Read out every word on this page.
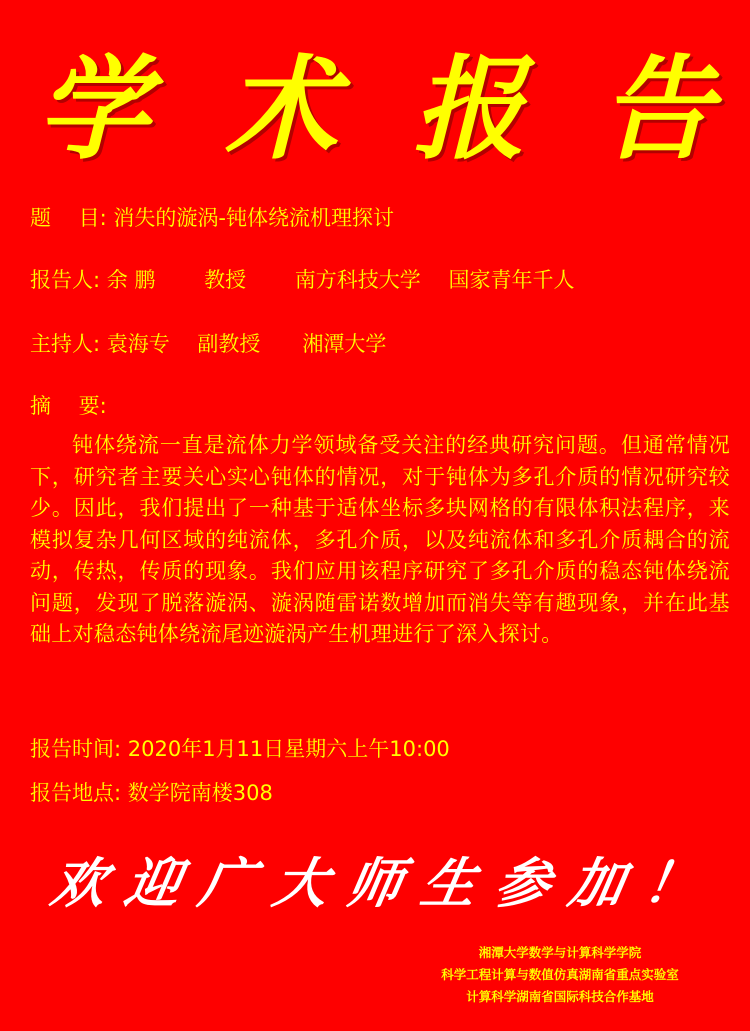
学 术 报 告
题　 目: 消失的漩涡-钝体绕流机理探讨
报告人: 余 鹏　　 教授　　 南方科技大学　 国家青年千人
主持人: 袁海专　 副教授　　湘潭大学
摘　 要:
钝体绕流一直是流体力学领域备受关注的经典研究问题。但通常情况下，研究者主要关心实心钝体的情况，对于钝体为多孔介质的情况研究较少。因此，我们提出了一种基于适体坐标多块网格的有限体积法程序，来模拟复杂几何区域的纯流体，多孔介质，以及纯流体和多孔介质耦合的流动，传热，传质的现象。我们应用该程序研究了多孔介质的稳态钝体绕流问题，发现了脱落漩涡、漩涡随雷诺数增加而消失等有趣现象，并在此基础上对稳态钝体绕流尾迹漩涡产生机理进行了深入探讨。
报告时间: 2020年1月11日星期六上午10:00
报告地点: 数学院南楼308
欢 迎 广 大 师 生 参 加 ！
湘潭大学数学与计算科学学院
科学工程计算与数值仿真湖南省重点实验室
计算科学湖南省国际科技合作基地
